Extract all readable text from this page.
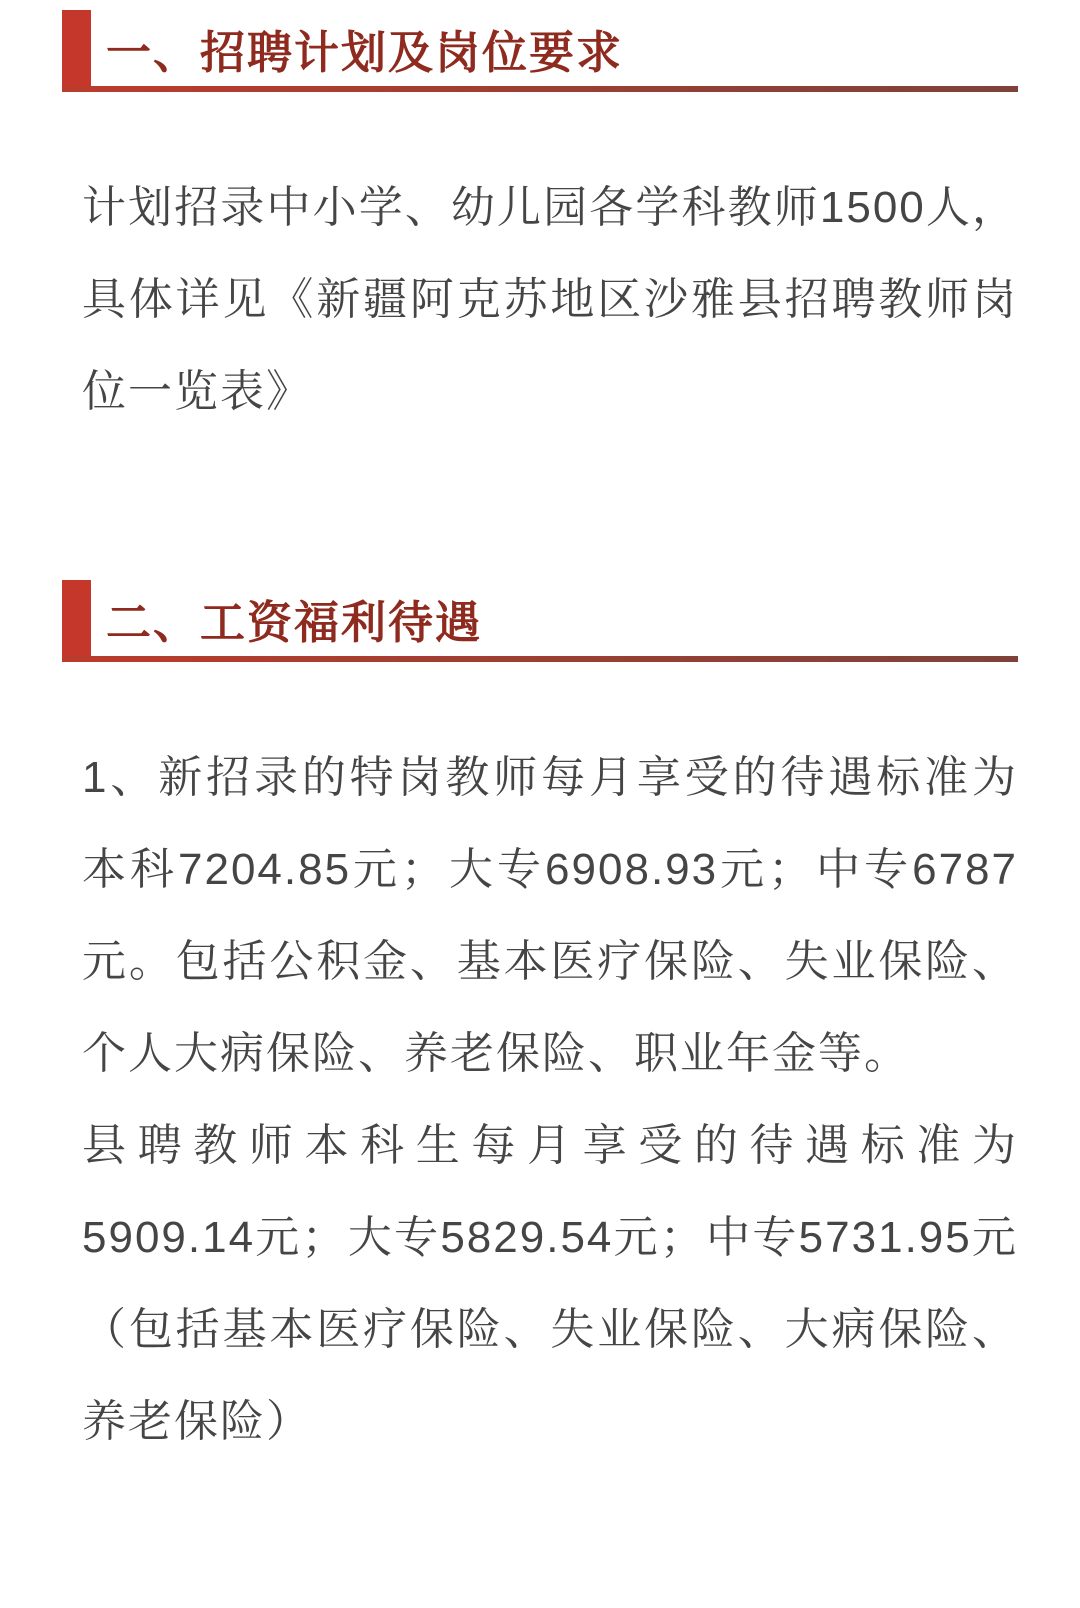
一、招聘计划及岗位要求

计划招录中小学、幼儿园各学科教师1500人，具体详见《新疆阿克苏地区沙雅县招聘教师岗位一览表》

二、工资福利待遇

1、新招录的特岗教师每月享受的待遇标准为本科7204.85元；大专6908.93元；中专6787元。包括公积金、基本医疗保险、失业保险、个人大病保险、养老保险、职业年金等。

县聘教师本科生每月享受的待遇标准为5909.14元；大专5829.54元；中专5731.95元（包括基本医疗保险、失业保险、大病保险、养老保险）
